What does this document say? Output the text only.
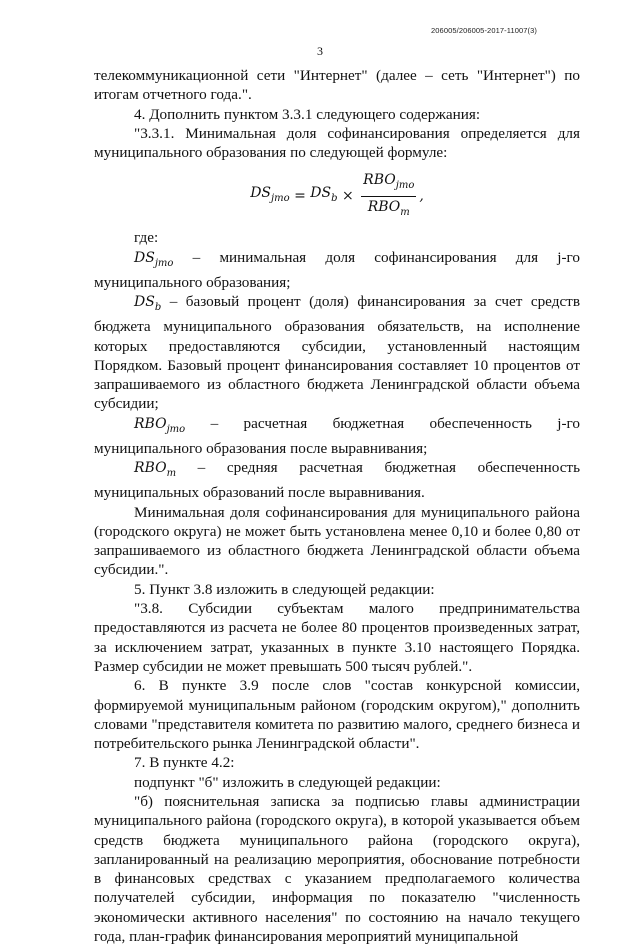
206005/206005-2017-11007(3)
3

телекоммуникационной сети "Интернет" (далее – сеть "Интернет") по итогам отчетного года.".

4. Дополнить пунктом 3.3.1 следующего содержания:

"3.3.1. Минимальная доля софинансирования определяется для муниципального образования по следующей формуле:

$DS_{jmo} = DS_b \times \frac{RBO_{jmo}}{RBO_m}$ ,

где:

$DS_{jmo}$ – минимальная доля софинансирования для j-го муниципального образования;

$DS_b$ – базовый процент (доля) финансирования за счет средств бюджета муниципального образования обязательств, на исполнение которых предоставляются субсидии, установленный настоящим Порядком. Базовый процент финансирования составляет 10 процентов от запрашиваемого из областного бюджета Ленинградской области объема субсидии;

$RBO_{jmo}$ – расчетная бюджетная обеспеченность j-го муниципального образования после выравнивания;

$RBO_m$ – средняя расчетная бюджетная обеспеченность муниципальных образований после выравнивания.

Минимальная доля софинансирования для муниципального района (городского округа) не может быть установлена менее 0,10 и более 0,80 от запрашиваемого из областного бюджета Ленинградской области объема субсидии.".

5. Пункт 3.8 изложить в следующей редакции:

"3.8. Субсидии субъектам малого предпринимательства предоставляются из расчета не более 80 процентов произведенных затрат, за исключением затрат, указанных в пункте 3.10 настоящего Порядка. Размер субсидии не может превышать 500 тысяч рублей.".

6. В пункте 3.9 после слов "состав конкурсной комиссии, формируемой муниципальным районом (городским округом)," дополнить словами "представителя комитета по развитию малого, среднего бизнеса и потребительского рынка Ленинградской области".

7. В пункте 4.2:

подпункт "б" изложить в следующей редакции:

"б) пояснительная записка за подписью главы администрации муниципального района (городского округа), в которой указывается объем средств бюджета муниципального района (городского округа), запланированный на реализацию мероприятия, обоснование потребности в финансовых средствах с указанием предполагаемого количества получателей субсидии, информация по показателю "численность экономически активного населения" по состоянию на начало текущего года, план-график финансирования мероприятий муниципальной
